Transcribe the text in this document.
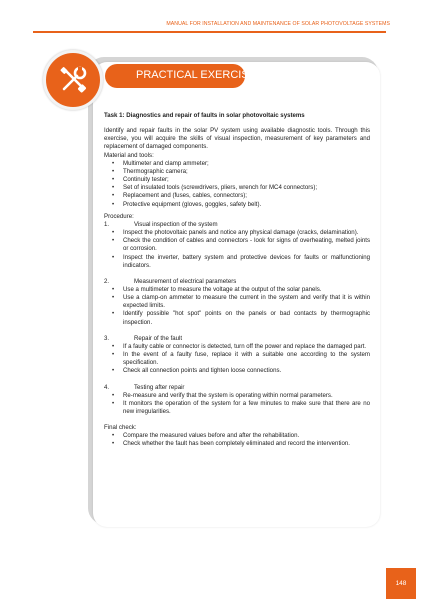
MANUAL FOR INSTALLATION AND MAINTENANCE OF SOLAR PHOTOVOLTAGE SYSTEMS
Task 1: Diagnostics and repair of faults in solar photovoltaic systems
Identify and repair faults in the solar PV system using available diagnostic tools. Through this exercise, you will acquire the skills of visual inspection, measurement of key parameters and replacement of damaged components.
Material and tools:
• Multimeter and clamp ammeter;
• Thermographic camera;
• Continuity tester;
• Set of insulated tools (screwdrivers, pliers, wrench for MC4 connectors);
• Replacement and (fuses, cables, connectors);
• Protective equipment (gloves, goggles, safety belt).
Procedure:
1.	Visual inspection of the system
• Inspect the photovoltaic panels and notice any physical damage (cracks, delamination).
• Check the condition of cables and connectors - look for signs of overheating, melted joints or corrosion.
• Inspect the inverter, battery system and protective devices for faults or malfunctioning indicators.
2.	Measurement of electrical parameters
• Use a multimeter to measure the voltage at the output of the solar panels.
• Use a clamp-on ammeter to measure the current in the system and verify that it is within expected limits.
• Identify possible "hot spot" points on the panels or bad contacts by thermographic inspection.
3.	Repair of the fault
• If a faulty cable or connector is detected, turn off the power and replace the damaged part.
• In the event of a faulty fuse, replace it with a suitable one according to the system specification.
• Check all connection points and tighten loose connections.
4.	Testing after repair
• Re-measure and verify that the system is operating within normal parameters.
• It monitors the operation of the system for a few minutes to make sure that there are no new irregularities.
Final check:
• Compare the measured values before and after the rehabilitation.
• Check whether the fault has been completely eliminated and record the intervention.
PRACTICAL EXERCISE
148
